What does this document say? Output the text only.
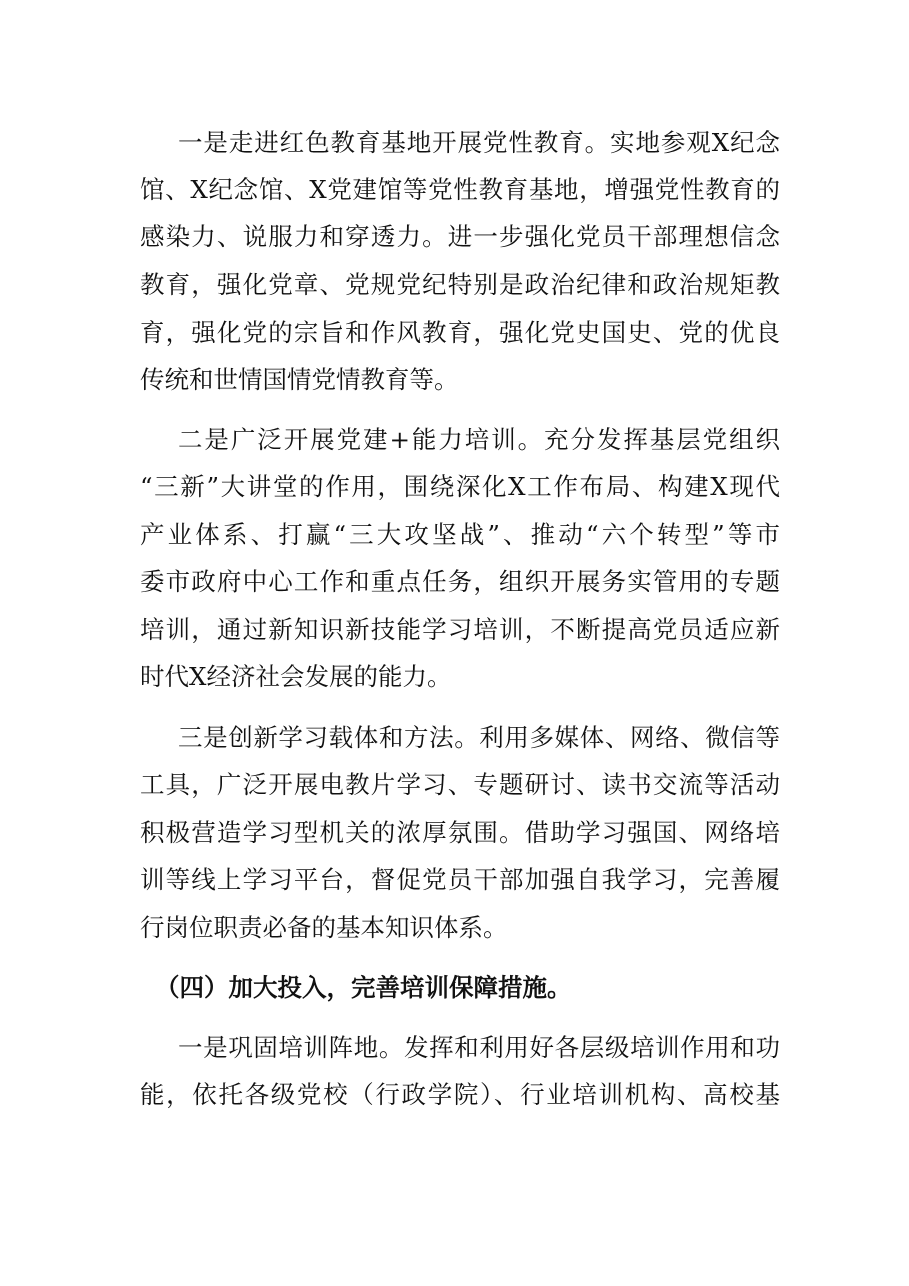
一是走进红色教育基地开展党性教育。实地参观X纪念
馆、X纪念馆、X党建馆等党性教育基地，增强党性教育的
感染力、说服力和穿透力。进一步强化党员干部理想信念
教育，强化党章、党规党纪特别是政治纪律和政治规矩教
育，强化党的宗旨和作风教育，强化党史国史、党的优良
传统和世情国情党情教育等。
二是广泛开展党建+能力培训。充分发挥基层党组织
“三新”大讲堂的作用，围绕深化X工作布局、构建X现代
产业体系、打赢“三大攻坚战”、推动“六个转型”等市
委市政府中心工作和重点任务，组织开展务实管用的专题
培训，通过新知识新技能学习培训，不断提高党员适应新
时代X经济社会发展的能力。
三是创新学习载体和方法。利用多媒体、网络、微信等
工具，广泛开展电教片学习、专题研讨、读书交流等活动
积极营造学习型机关的浓厚氛围。借助学习强国、网络培
训等线上学习平台，督促党员干部加强自我学习，完善履
行岗位职责必备的基本知识体系。
（四）加大投入，完善培训保障措施。
一是巩固培训阵地。发挥和利用好各层级培训作用和功
能，依托各级党校（行政学院）、行业培训机构、高校基
